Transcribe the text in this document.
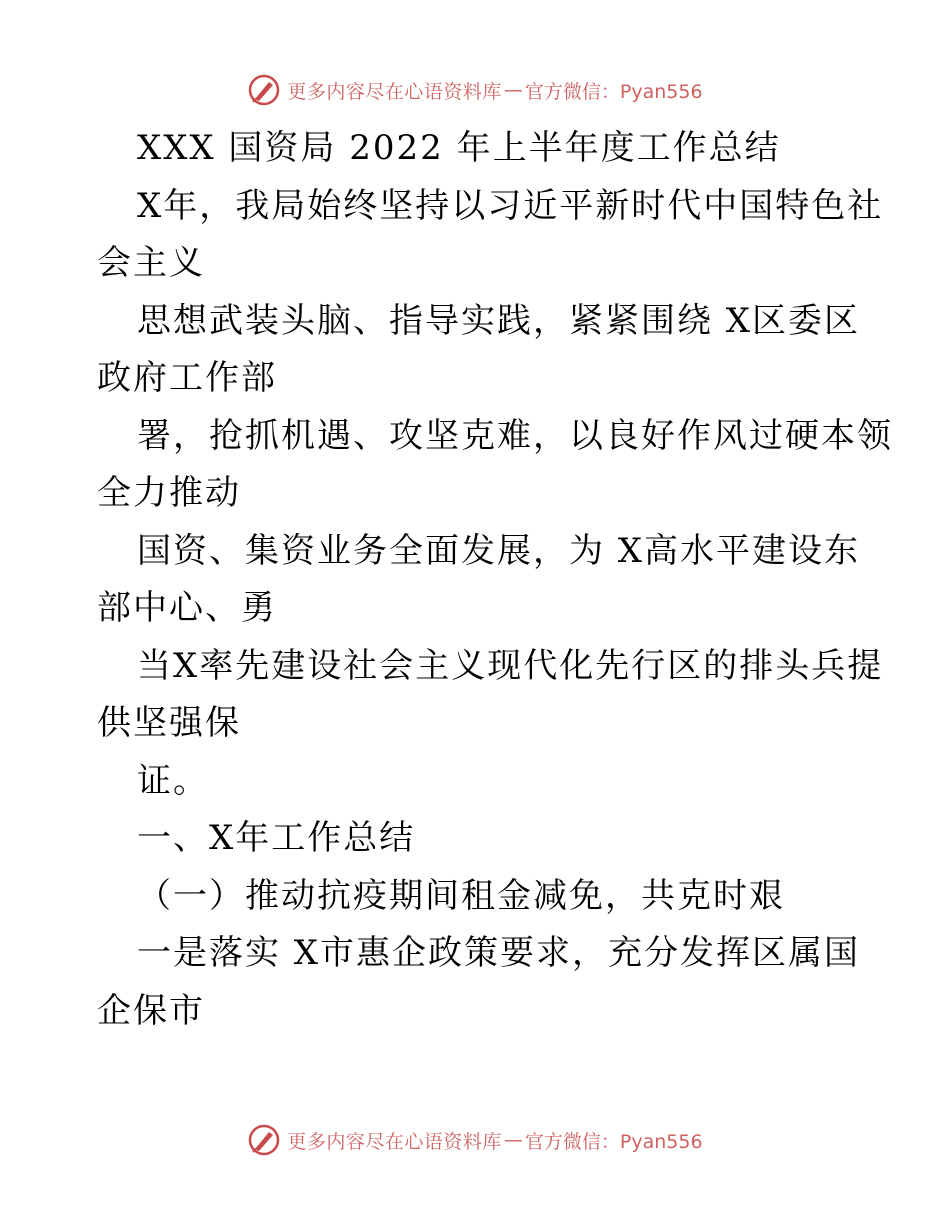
更多内容尽在心语资料库 — 官方微信：Pyan556
XXX 国资局 2022 年上半年度工作总结
X年，我局始终坚持以习近平新时代中国特色社
会主义
思想武装头脑、指导实践，紧紧围绕 X区委区
政府工作部
署，抢抓机遇、攻坚克难，以良好作风过硬本领
全力推动
国资、集资业务全面发展，为 X高水平建设东
部中心、勇
当X率先建设社会主义现代化先行区的排头兵提
供坚强保
证。
一、X年工作总结
（一）推动抗疫期间租金减免，共克时艰
一是落实 X市惠企政策要求，充分发挥区属国
企保市
更多内容尽在心语资料库 — 官方微信：Pyan556
